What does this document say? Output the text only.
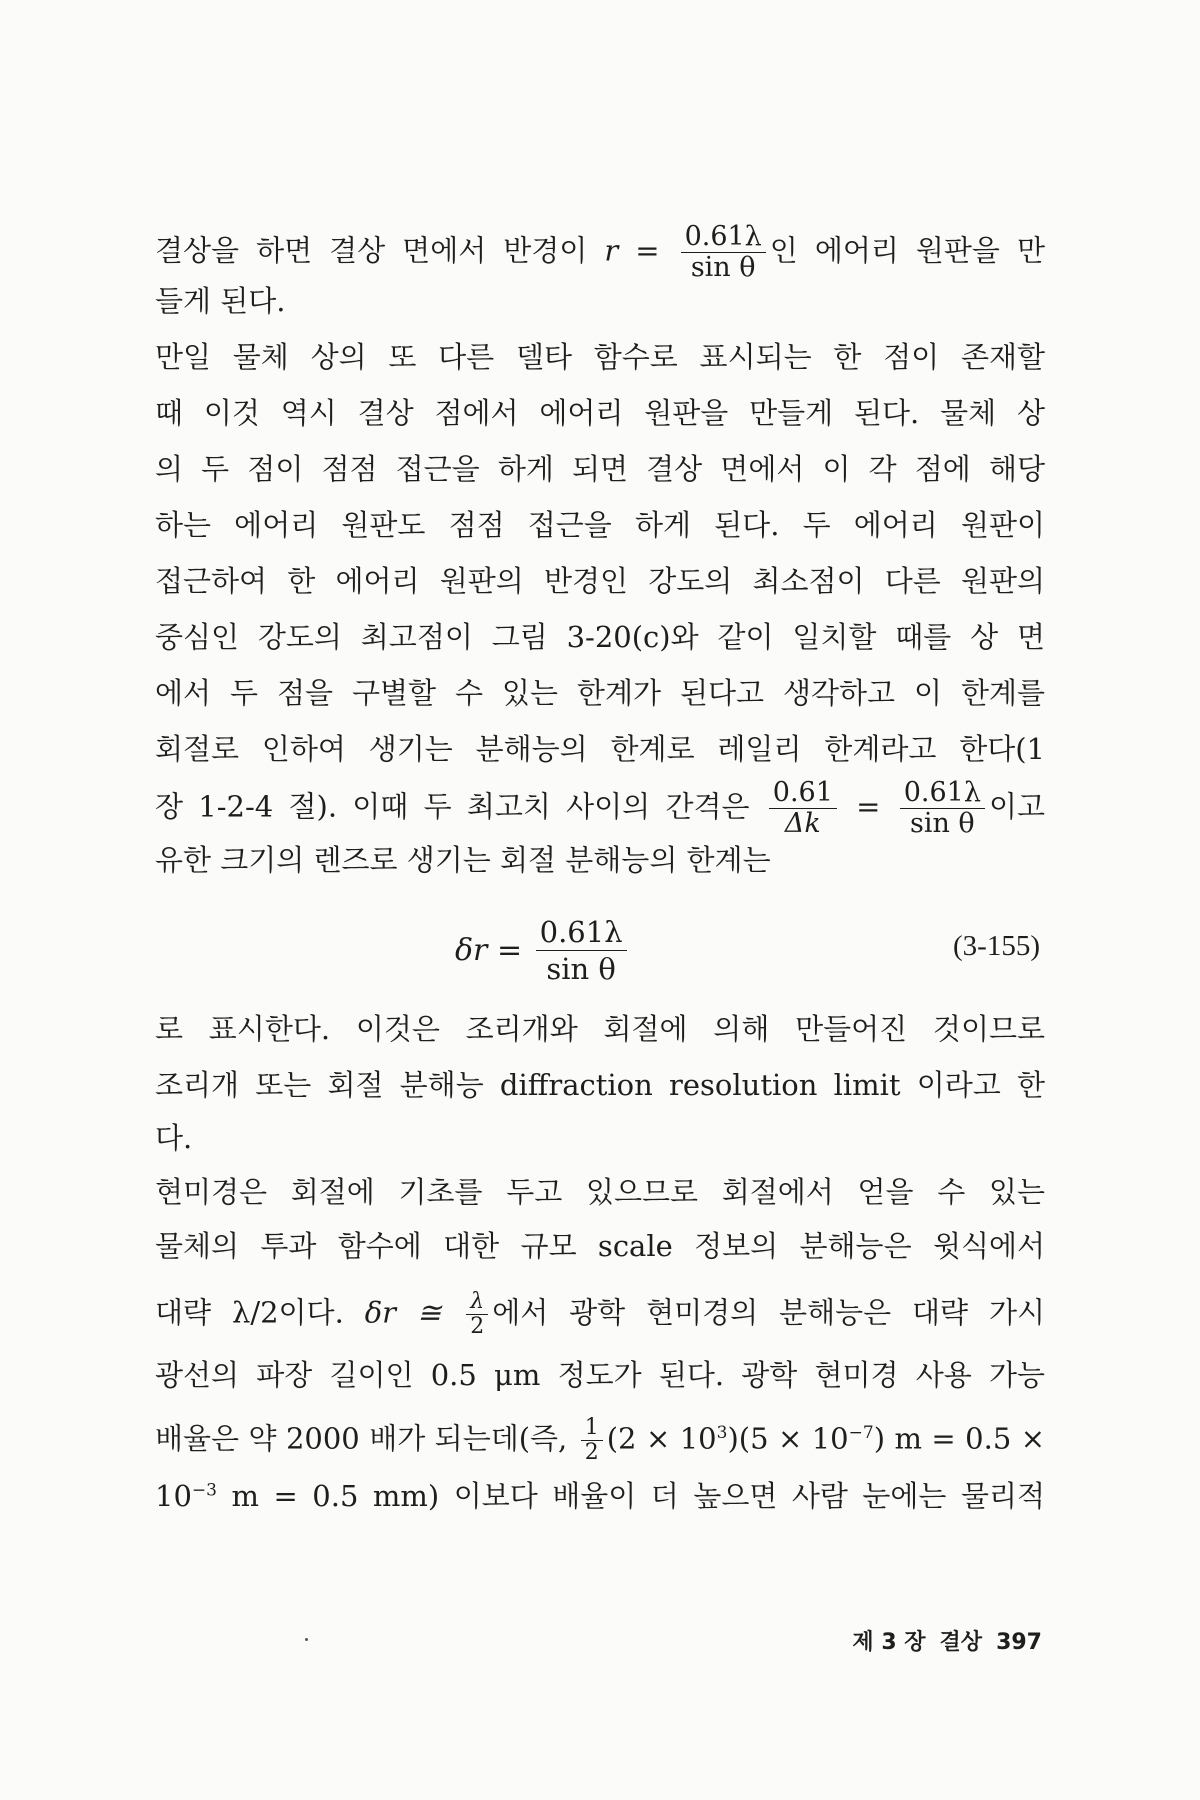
결상을 하면 결상 면에서 반경이 $r = \frac{0.61\lambda}{\text{sin θ}}$ 인 에어리 원판을 만
들게 된다.
만일 물체 상의 또 다른 델타 함수로 표시되는 한 점이 존재할
때 이것 역시 결상 점에서 에어리 원판을 만들게 된다. 물체 상
의 두 점이 점점 접근을 하게 되면 결상 면에서 이 각 점에 해당
하는 에어리 원판도 점점 접근을 하게 된다. 두 에어리 원판이
접근하여 한 에어리 원판의 반경인 강도의 최소점이 다른 원판의
중심인 강도의 최고점이 그림 3-20(c)와 같이 일치할 때를 상 면
에서 두 점을 구별할 수 있는 한계가 된다고 생각하고 이 한계를
회절로 인하여 생기는 분해능의 한계로 레일리 한계라고 한다(1
장 1-2-4 절). 이때 두 최고치 사이의 간격은 $\frac{0.61}{\Delta k} = \frac{0.61\lambda}{\text{sin θ}}$ 이고
유한 크기의 렌즈로 생기는 회절 분해능의 한계는
$\delta r = \frac{0.61\lambda}{\text{sin θ}}$	(3-155)
로 표시한다. 이것은 조리개와 회절에 의해 만들어진 것이므로
조리개 또는 회절 분해능 diffraction resolution limit 이라고 한
다.
현미경은 회절에 기초를 두고 있으므로 회절에서 얻을 수 있는
물체의 투과 함수에 대한 규모 scale 정보의 분해능은 윗식에서
대략 λ/2이다. δr ≅ $\frac{\lambda}{2}$ 에서 광학 현미경의 분해능은 대략 가시
광선의 파장 길이인 0.5 μm 정도가 된다. 광학 현미경 사용 가능
배율은 약 2000 배가 되는데(즉, $\frac{1}{2} (2 \times 10^3)(5 \times 10^{-7}) m = 0.5$ ×
$10^{-3}$ m = 0.5 mm) 이보다 배율이 더 높으면 사람 눈에는 물리적
제 3 장 결상 397
